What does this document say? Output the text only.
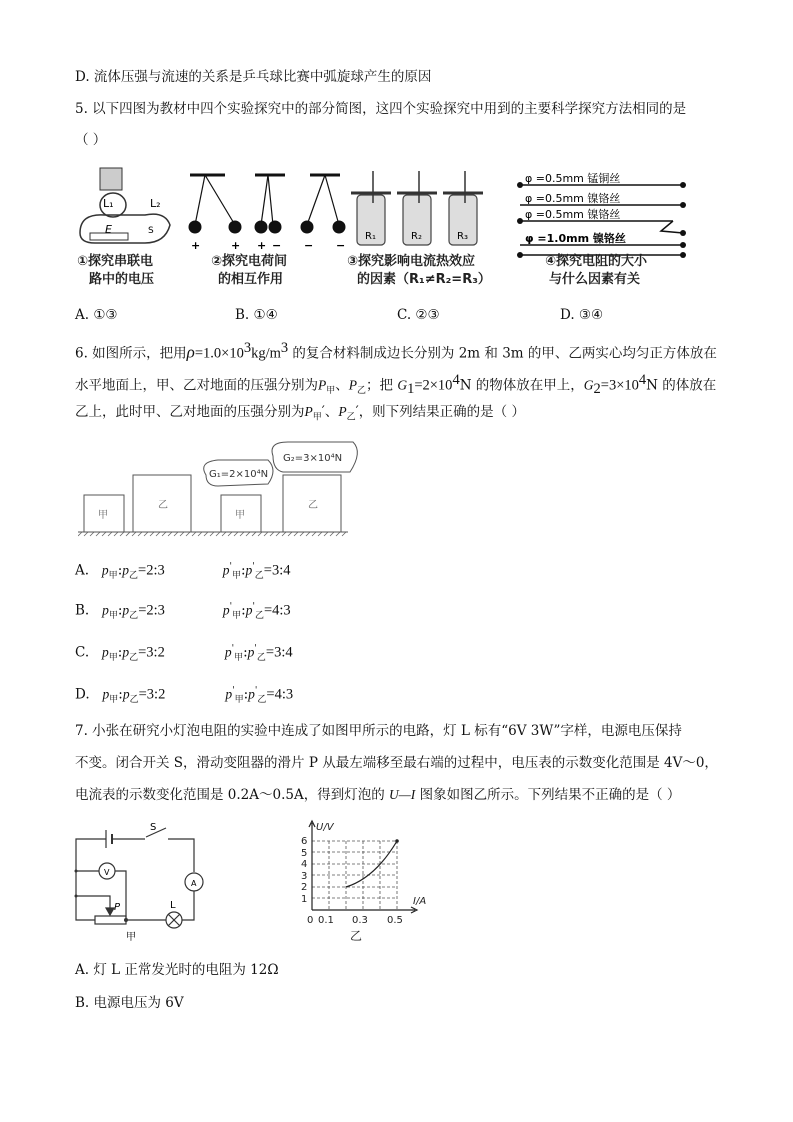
D. 流体压强与流速的关系是乒乓球比赛中弧旋球产生的原因
5. 以下四图为教材中四个实验探究中的部分简图，这四个实验探究中用到的主要科学探究方法相同的是
（ ）
L₁	L₂
E	S
①探究串联电
路中的电压
+	+ + − − −
②探究电荷间
的相互作用
R₁	R₂	R₃
③探究影响电流热效应
的因素（R₁≠R₂=R₃）
φ =0.5mm 锰铜丝
φ =0.5mm 镍铬丝
φ =0.5mm 镍铬丝
φ =1.0mm 镍铬丝
④探究电阻的大小
与什么因素有关
A. ①③	B. ①④	C. ②③	D. ③④
6. 如图所示，把用$\rho=1.0\times 10^3kg/m^3$ 的复合材料制成边长分别为 2m 和 3m 的甲、乙两实心均匀正方体放在
水平地面上，甲、乙对地面的压强分别为$P_甲$、$P_乙$；把 $G_1=2\times 10^4N$ 的物体放在甲上，$G_2=3\times 10^4N$ 的体放在
乙上，此时甲、乙对地面的压强分别为$P_甲'$、$P_乙'$，则下列结果正确的是（ ）
甲
乙
甲
乙
G₁=2×10⁴N
G₂=3×10⁴N
A. $p_甲:p_乙=2:3$	$p'_甲:p'_乙=3:4$
B. $p_甲:p_乙=2:3$	$p'_甲:p'_乙=4:3$
C. $p_甲:p_乙=3:2$	$p'_甲:p'_乙=3:4$
D. $p_甲:p_乙=3:2$	$p'_甲:p'_乙=4:3$
7. 小张在研究小灯泡电阻的实验中连成了如图甲所示的电路，灯 L 标有“6V 3W”字样，电源电压保持
不变。闭合开关 S，滑动变阻器的滑片 P 从最左端移至最右端的过程中，电压表的示数变化范围是 4V～0，
电流表的示数变化范围是 0.2A～0.5A，得到灯泡的 U—I 图象如图乙所示。下列结果不正确的是（ ）
S
V
A
P	L
甲
U/V
I/A
1
2
3
4
5
6
0 0.1 0.3 0.5
乙
A. 灯 L 正常发光时的电阻为 12Ω
B. 电源电压为 6V
